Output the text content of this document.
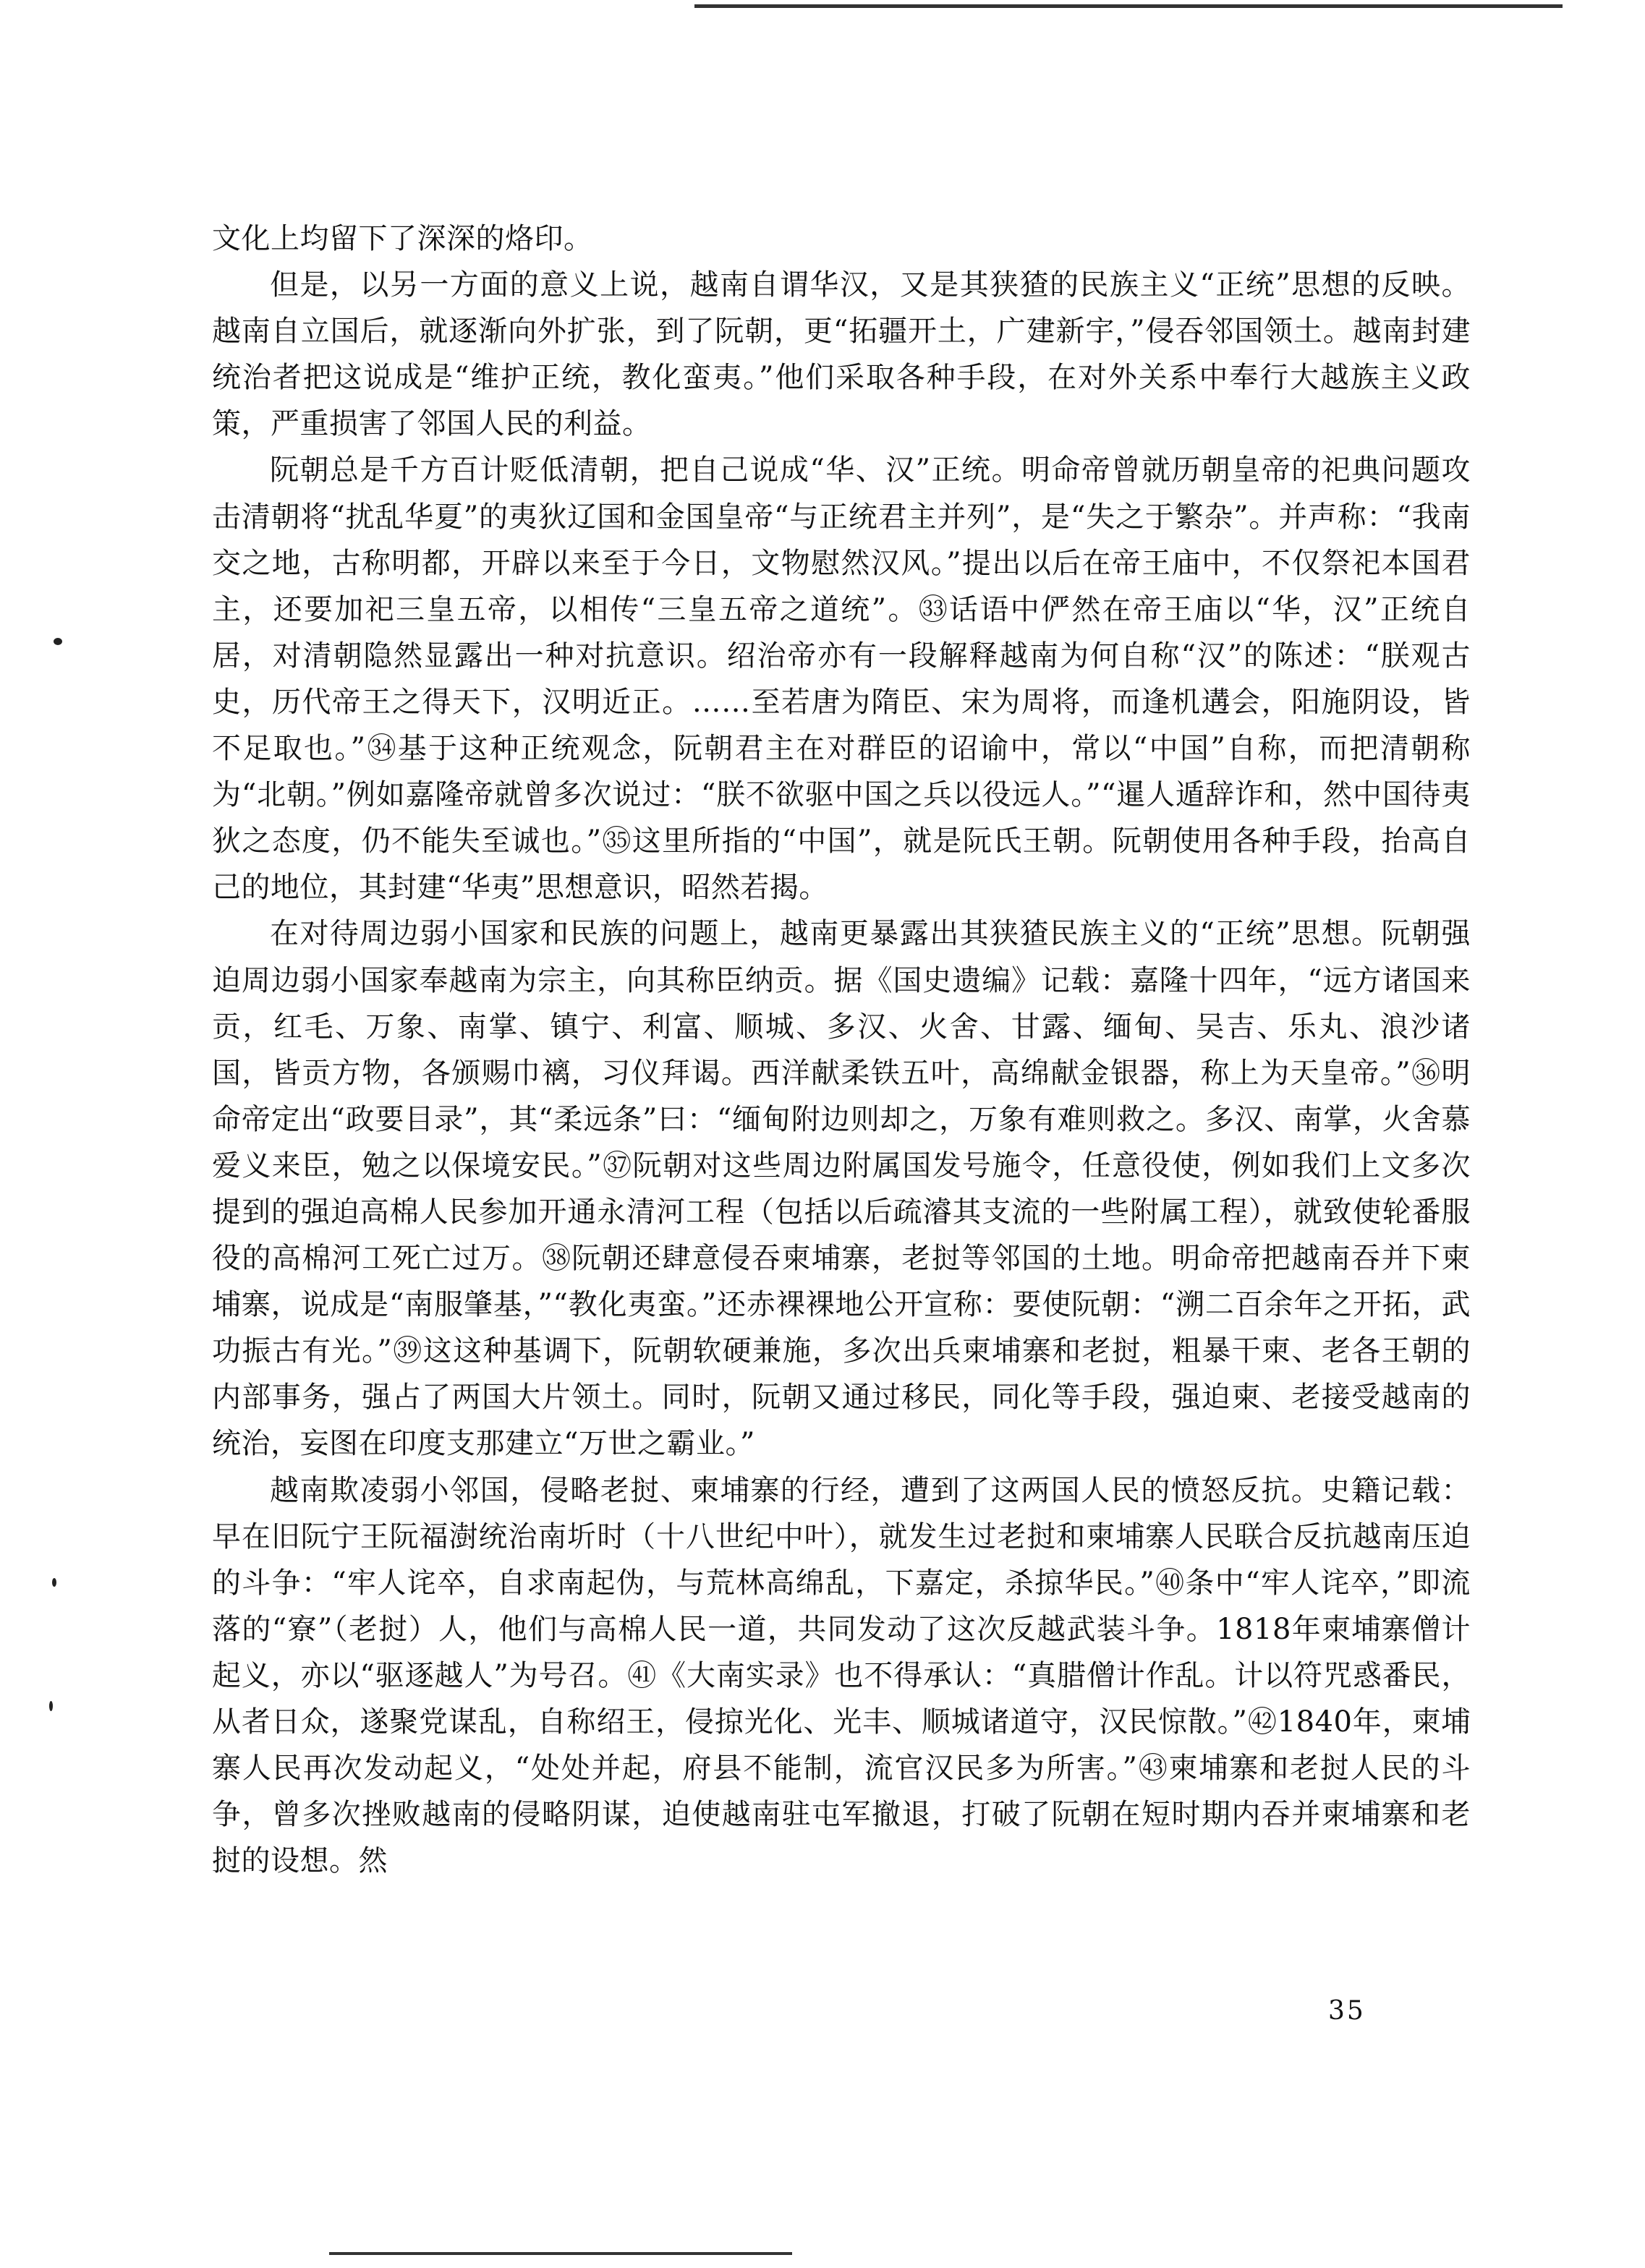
文化上均留下了深深的烙印。

但是，以另一方面的意义上说，越南自谓华汉，又是其狭猹的民族主义“正统”思想的反映。越南自立国后，就逐渐向外扩张，到了阮朝，更“拓疆开土，广建新宇，”侵吞邻国领土。越南封建统治者把这说成是“维护正统，教化蛮夷。”他们采取各种手段，在对外关系中奉行大越族主义政策，严重损害了邻国人民的利益。

阮朝总是千方百计贬低清朝，把自己说成“华、汉”正统。明命帝曾就历朝皇帝的祀典问题攻击清朝将“扰乱华夏”的夷狄辽国和金国皇帝“与正统君主并列”，是“失之于繁杂”。并声称：“我南交之地，古称明都，开辟以来至于今日，文物慰然汉风。”提出以后在帝王庙中，不仅祭祀本国君主，还要加祀三皇五帝，以相传“三皇五帝之道统”。㉝话语中俨然在帝王庙以“华，汉”正统自居，对清朝隐然显露出一种对抗意识。绍治帝亦有一段解释越南为何自称“汉”的陈述：“朕观古史，历代帝王之得天下，汉明近正。……至若唐为隋臣、宋为周将，而逢机遘会，阳施阴设，皆不足取也。”㉞基于这种正统观念，阮朝君主在对群臣的诏谕中，常以“中国”自称，而把清朝称为“北朝。”例如嘉隆帝就曾多次说过：“朕不欲驱中国之兵以役远人。”“暹人遁辞诈和，然中国待夷狄之态度，仍不能失至诚也。”㉟这里所指的“中国”，就是阮氏王朝。阮朝使用各种手段，抬高自己的地位，其封建“华夷”思想意识，昭然若揭。

在对待周边弱小国家和民族的问题上，越南更暴露出其狭猹民族主义的“正统”思想。阮朝强迫周边弱小国家奉越南为宗主，向其称臣纳贡。据《国史遗编》记载：嘉隆十四年，“远方诸国来贡，红毛、万象、南掌、镇宁、利富、顺城、多汉、火舍、甘露、缅甸、吴吉、乐丸、浪沙诸国，皆贡方物，各颁赐巾褵，习仪拜谒。西洋献柔铁五叶，高绵献金银器，称上为天皇帝。”㊱明命帝定出“政要目录”，其“柔远条”曰：“缅甸附边则却之，万象有难则救之。多汉、南掌，火舍慕爱义来臣，勉之以保境安民。”㊲阮朝对这些周边附属国发号施令，任意役使，例如我们上文多次提到的强迫高棉人民参加开通永清河工程（包括以后疏濬其支流的一些附属工程），就致使轮番服役的高棉河工死亡过万。㊳阮朝还肆意侵吞柬埔寨，老挝等邻国的土地。明命帝把越南吞并下柬埔寨，说成是“南服肇基，”“教化夷蛮。”还赤裸裸地公开宣称：要使阮朝：“溯二百余年之开拓，武功振古有光。”㊴这这种基调下，阮朝软硬兼施，多次出兵柬埔寨和老挝，粗暴干柬、老各王朝的内部事务，强占了两国大片领土。同时，阮朝又通过移民，同化等手段，强迫柬、老接受越南的统治，妄图在印度支那建立“万世之霸业。”

越南欺凌弱小邻国，侵略老挝、柬埔寨的行经，遭到了这两国人民的愤怒反抗。史籍记载：早在旧阮宁王阮福澍统治南圻时（十八世纪中叶），就发生过老挝和柬埔寨人民联合反抗越南压迫的斗争：“牢人诧卒，自求南起伪，与荒林高绵乱，下嘉定，杀掠华民。”㊵条中“牢人诧卒，”即流落的“寮”（老挝）人，他们与高棉人民一道，共同发动了这次反越武装斗争。1818年柬埔寨僧计起义，亦以“驱逐越人”为号召。㊶《大南实录》也不得承认：“真腊僧计作乱。计以符咒惑番民，从者日众，遂聚党谋乱，自称绍王，侵掠光化、光丰、顺城诸道守，汉民惊散。”㊷1840年，柬埔寨人民再次发动起义，“处处并起，府县不能制，流官汉民多为所害。”㊸柬埔寨和老挝人民的斗争，曾多次挫败越南的侵略阴谋，迫使越南驻屯军撤退，打破了阮朝在短时期内吞并柬埔寨和老挝的设想。然

35
